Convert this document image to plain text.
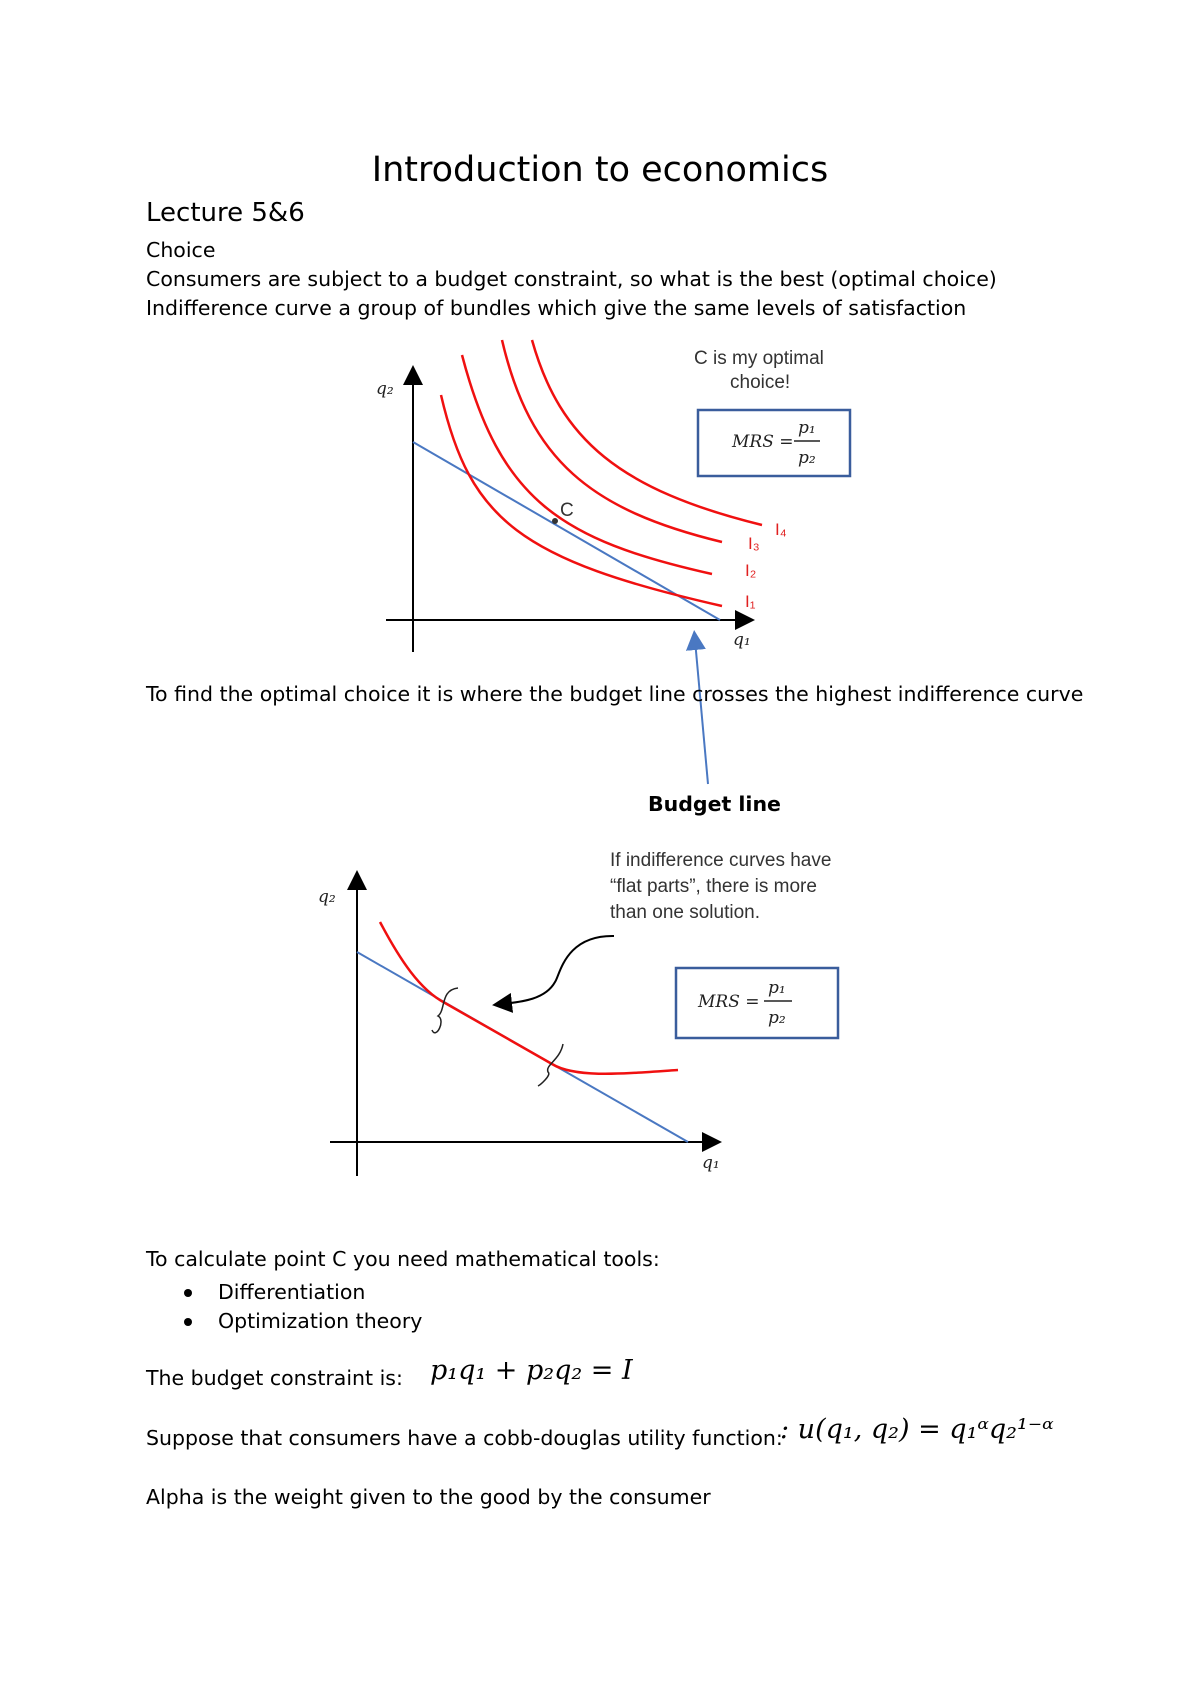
Introduction to economics
Lecture 5&6
Choice
Consumers are subject to a budget constraint, so what is the best (optimal choice)
Indifference curve a group of bundles which give the same levels of satisfaction
q₂
q₁
C
I₁
I₂
I₃
I₄
C is my optimal
choice!
MRS =
p₁
p₂
q₂
q₁
If indifference curves have
“flat parts”, there is more
than one solution.
MRS =
p₁
p₂
To find the optimal choice it is where the budget line crosses the highest indifference curve
Budget line
To calculate point C you need mathematical tools:
Differentiation
Optimization theory
The budget constraint is: p₁q₁ + p₂q₂ = I
Suppose that consumers have a cobb-douglas utility function:
: u(q₁, q₂) = q₁ᵅq₂¹⁻ᵅ
Alpha is the weight given to the good by the consumer
